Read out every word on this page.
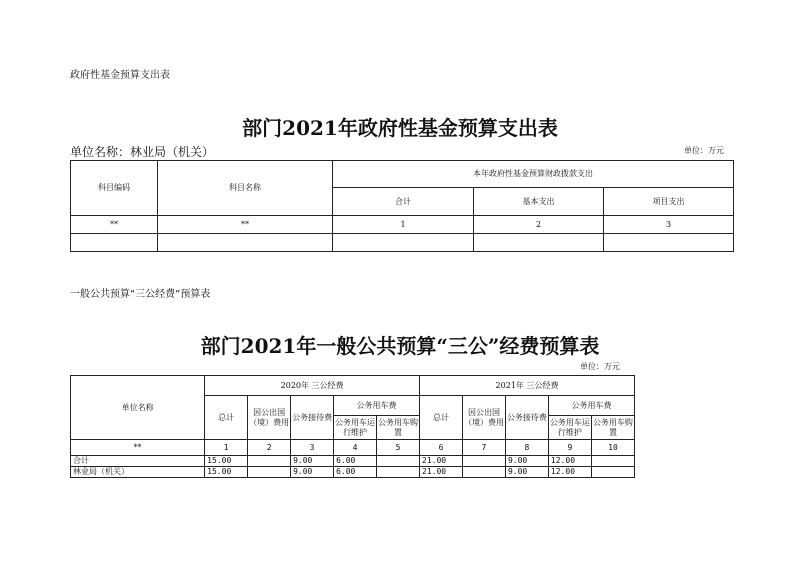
政府性基金预算支出表
部门2021年政府性基金预算支出表
单位名称：林业局（机关）	单位：万元
科目编码	科目名称	本年政府性基金预算财政拨款支出		
		合计	基本支出	项目支出
**	**	1	2	3

一般公共预算“三公经费”预算表
部门2021年一般公共预算“三公”经费预算表
单位：万元
单位名称	2020年 三公经费					2021年 三公经费				
	总计	因公出国（境）费用	公务接待费	公务用车费		总计	因公出国（境）费用	公务接待费	公务用车费	
				公务用车运行维护	公务用车购置				公务用车运行维护	公务用车购置
**	1	2	3	4	5	6	7	8	9	10
合计	15.00		9.00	6.00		21.00		9.00	12.00	
林业局（机关）	15.00		9.00	6.00		21.00		9.00	12.00	
